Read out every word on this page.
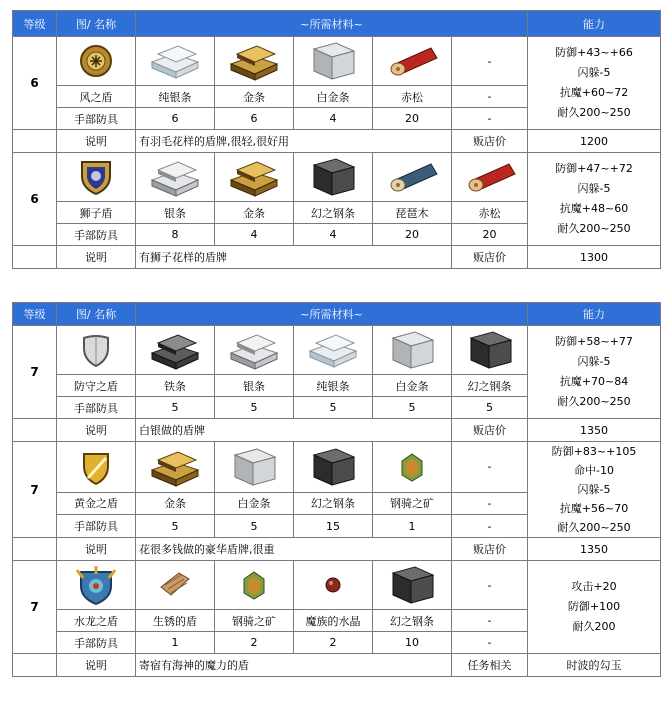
等级	图/ 名称	~所需材料~					能力
6						-	防御+43~+66
闪躲-5
抗魔+60~72
耐久200~250

	风之盾	纯银条	金条	白金条	赤松	-	
	手部防具	6	6	4	20	-	
	说明	有羽毛花样的盾牌,很轻,很好用				贩店价	1200
6							防御+47~+72
闪躲-5
抗魔+48~60
耐久200~250

	狮子盾	银条	金条	幻之钢条	琵琶木	赤松	
	手部防具	8	4	4	20	20	
	说明	有狮子花样的盾牌				贩店价	1300
等级	图/ 名称	~所需材料~					能力
7							防御+58~+77
闪躲-5
抗魔+70~84
耐久200~250

	防守之盾	铁条	银条	纯银条	白金条	幻之钢条	
	手部防具	5	5	5	5	5	
	说明	白银做的盾牌				贩店价	1350
7						-	防御+83~+105
命中-10
闪躲-5
抗魔+56~70
耐久200~250

	黄金之盾	金条	白金条	幻之钢条	钢骑之矿	-	
	手部防具	5	5	15	1	-	
	说明	花很多钱做的豪华盾牌,很重				贩店价	1350
7						-	攻击+20
防御+100
耐久200

	水龙之盾	生锈的盾	钢骑之矿	魔族的水晶	幻之钢条	-	
	手部防具	1	2	2	10	-	
	说明	寄宿有海神的魔力的盾				任务相关	时波的勾玉
